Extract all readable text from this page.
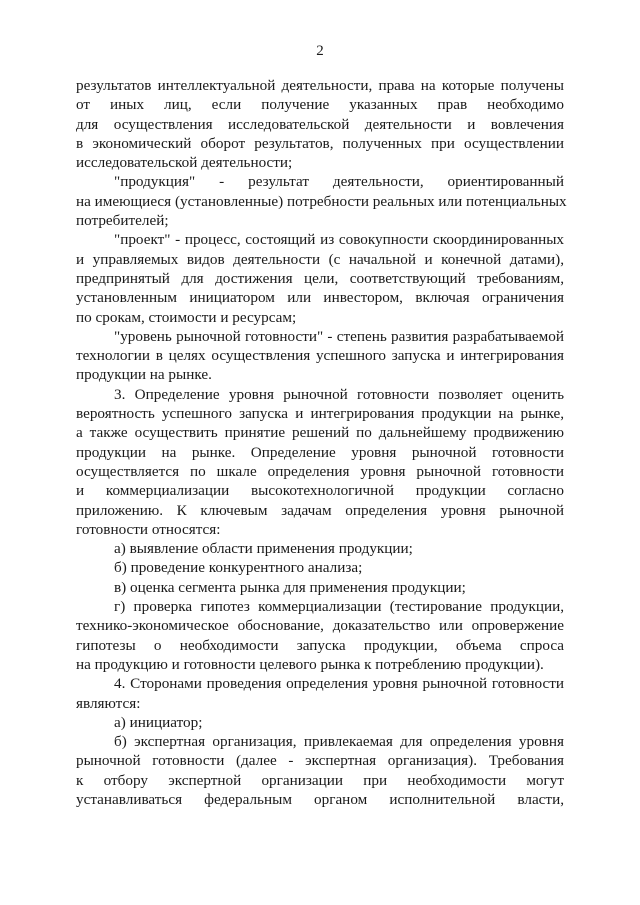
2
результатов интеллектуальной деятельности, права на которые получены
от иных лиц, если получение указанных прав необходимо
для осуществления исследовательской деятельности и вовлечения
в экономический оборот результатов, полученных при осуществлении
исследовательской деятельности;
"продукция" - результат деятельности, ориентированный
на имеющиеся (установленные) потребности реальных или потенциальных
потребителей;
"проект" - процесс, состоящий из совокупности скоординированных
и управляемых видов деятельности (с начальной и конечной датами),
предпринятый для достижения цели, соответствующий требованиям,
установленным инициатором или инвестором, включая ограничения
по срокам, стоимости и ресурсам;
"уровень рыночной готовности" - степень развития разрабатываемой
технологии в целях осуществления успешного запуска и интегрирования
продукции на рынке.
3. Определение уровня рыночной готовности позволяет оценить
вероятность успешного запуска и интегрирования продукции на рынке,
а также осуществить принятие решений по дальнейшему продвижению
продукции на рынке. Определение уровня рыночной готовности
осуществляется по шкале определения уровня рыночной готовности
и коммерциализации высокотехнологичной продукции согласно
приложению. К ключевым задачам определения уровня рыночной
готовности относятся:
а) выявление области применения продукции;
б) проведение конкурентного анализа;
в) оценка сегмента рынка для применения продукции;
г) проверка гипотез коммерциализации (тестирование продукции,
технико-экономическое обоснование, доказательство или опровержение
гипотезы о необходимости запуска продукции, объема спроса
на продукцию и готовности целевого рынка к потреблению продукции).
4. Сторонами проведения определения уровня рыночной готовности
являются:
а) инициатор;
б) экспертная организация, привлекаемая для определения уровня
рыночной готовности (далее - экспертная организация). Требования
к отбору экспертной организации при необходимости могут
устанавливаться федеральным органом исполнительной власти,
